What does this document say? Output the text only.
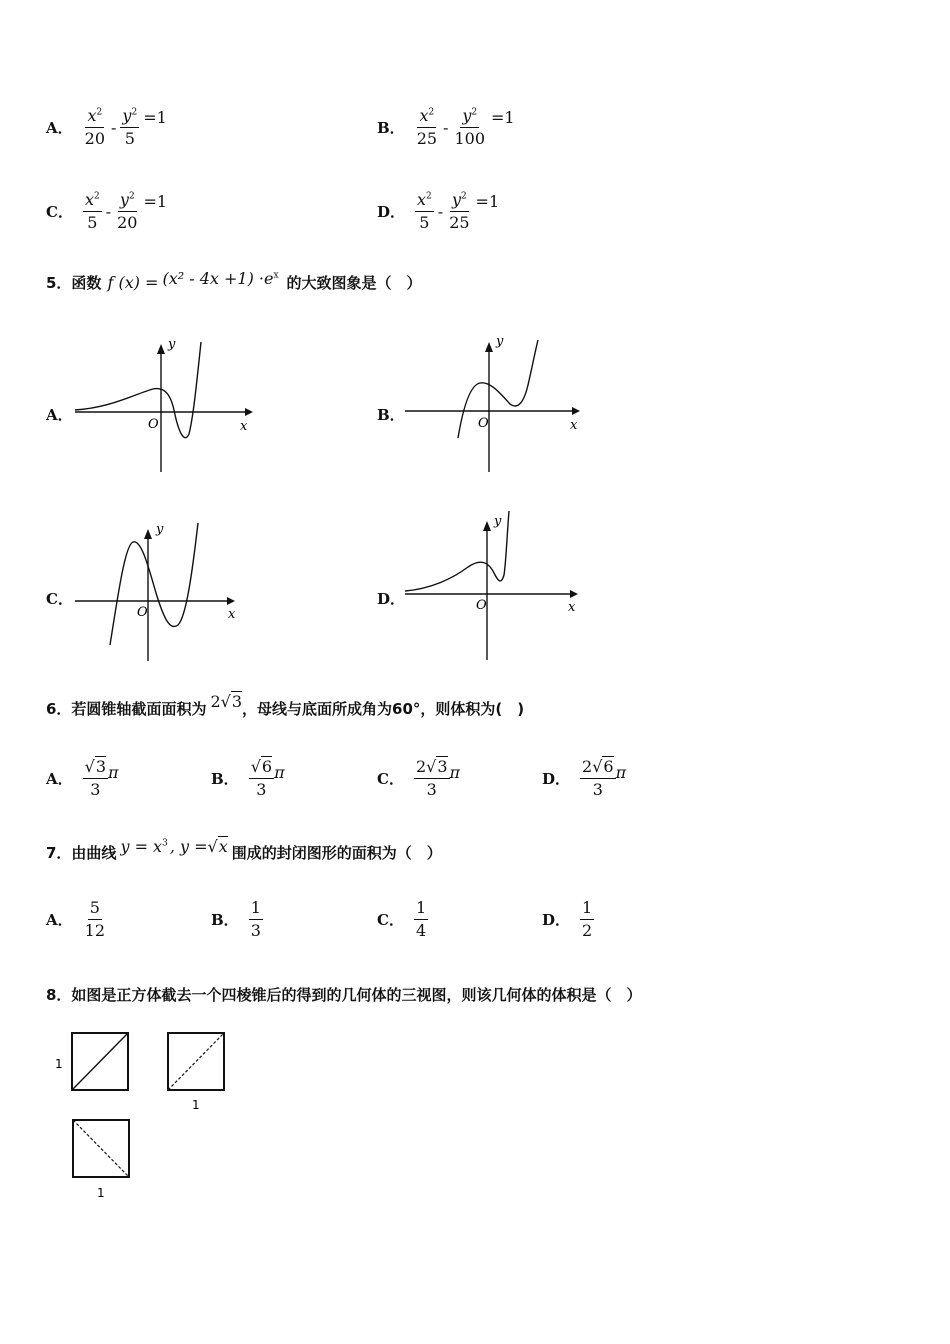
A． $\frac{x^2}{20} - \frac{y^2}{5} =1$
B． $\frac{x^2}{25} - \frac{y^2}{100} =1$
C． $\frac{x^2}{5} - \frac{y^2}{20} =1$
D． $\frac{x^2}{5} - \frac{y^2}{25} =1$
5．函数 f $(x) = (x^2 - 4x +1) \cdot e^x$ 的大致图象是（　）
A．	B．
C．	D．
y
x
O
y
x
O
y
x
O
y
x
O
6．若圆锥轴截面面积为 2√3 ，母线与底面所成角为60°，则体积为(　)
A． $\frac{√3}{3}$ π	B． $\frac{√6}{3}$ π	C． $\frac{2√3}{3}$ π	D． $\frac{2√6}{3}$ π
7．由曲线 $y = x^3$ , y =√x 围成的封闭图形的面积为（　）
A． $\frac{5}{12}$	B． $\frac{1}{3}$	C． $\frac{1}{4}$	D． $\frac{1}{2}$
8．如图是正方体截去一个四棱锥后的得到的几何体的三视图，则该几何体的体积是（　）
1
1
1
